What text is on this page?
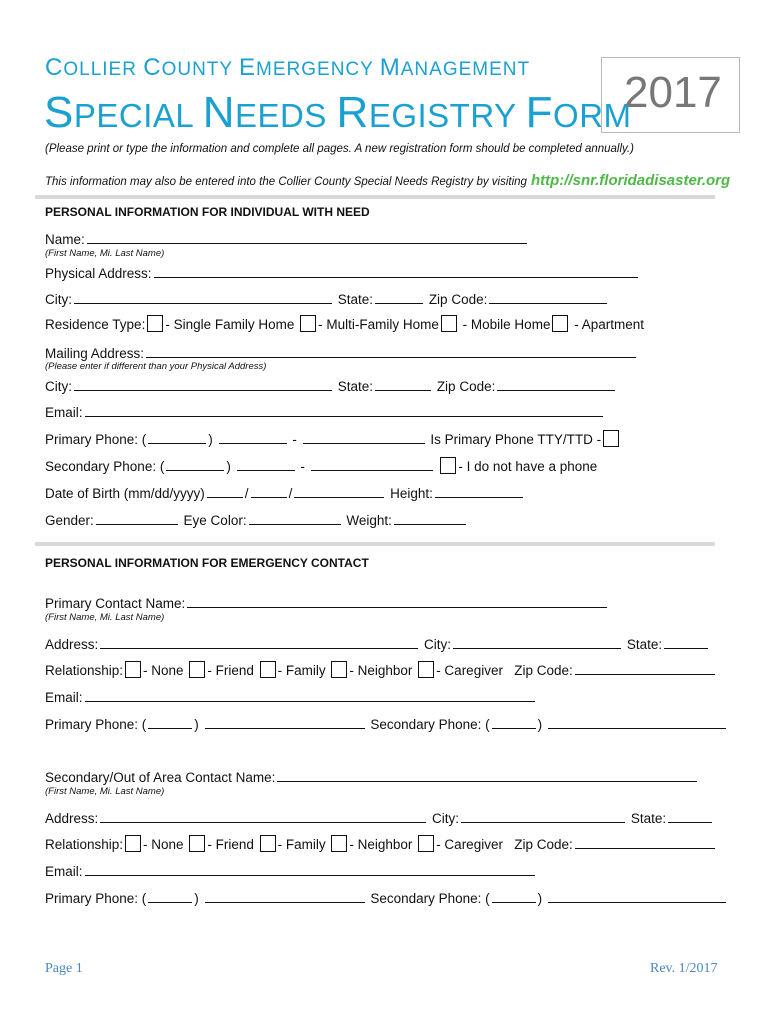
COLLIER COUNTY EMERGENCY MANAGEMENT
SPECIAL NEEDS REGISTRY FORM
2017
(Please print or type the information and complete all pages. A new registration form should be completed annually.)
This information may also be entered into the Collier County Special Needs Registry by visiting http://snr.floridadisaster.org
PERSONAL INFORMATION FOR INDIVIDUAL WITH NEED
Name:
(First Name, Mi. Last Name)
Physical Address:
City:	State:	Zip Code:
Residence Type: - Single Family Home - Multi-Family Home - Mobile Home - Apartment
Mailing Address:
(Please enter if different than your Physical Address)
City:	State:	Zip Code:
Email:
Primary Phone: (	)	-	Is Primary Phone TTY/TTD -
Secondary Phone: (	)	-	- I do not have a phone
Date of Birth (mm/dd/yyyy)	/	/	Height:
Gender:	Eye Color:	Weight:
PERSONAL INFORMATION FOR EMERGENCY CONTACT
Primary Contact Name:
(First Name, Mi. Last Name)
Address:	City:	State:
Relationship: - None - Friend - Family - Neighbor - Caregiver Zip Code:
Email:
Primary Phone: (	)	Secondary Phone: (	)
Secondary/Out of Area Contact Name:
(First Name, Mi. Last Name)
Address:	City:	State:
Relationship: - None - Friend - Family - Neighbor - Caregiver Zip Code:
Email:
Primary Phone: (	)	Secondary Phone: (	)
Page 1	Rev. 1/2017
